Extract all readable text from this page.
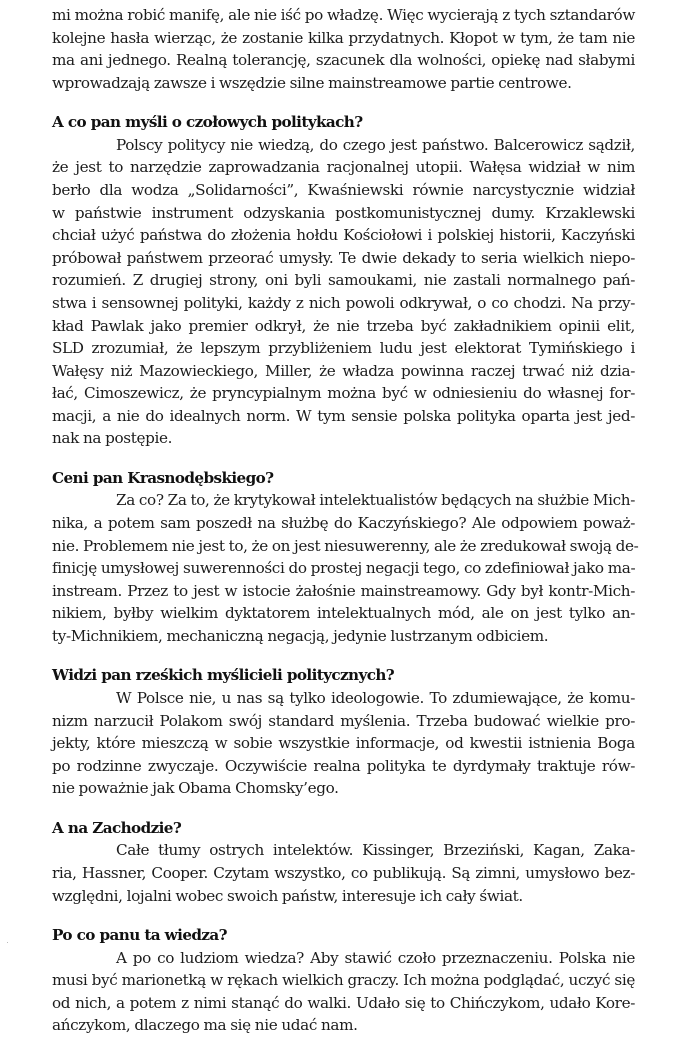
mi można robić manifę, ale nie iść po władzę. Więc wycierają z tych sztandarów
kolejne hasła wierząc, że zostanie kilka przydatnych. Kłopot w tym, że tam nie
ma ani jednego. Realną tolerancję, szacunek dla wolności, opiekę nad słabymi
wprowadzają zawsze i wszędzie silne mainstreamowe partie centrowe.
A co pan myśli o czołowych politykach?
Polscy politycy nie wiedzą, do czego jest państwo. Balcerowicz sądził,
że jest to narzędzie zaprowadzania racjonalnej utopii. Wałęsa widział w nim
berło dla wodza „Solidarności”, Kwaśniewski równie narcystycznie widział
w państwie instrument odzyskania postkomunistycznej dumy. Krzaklewski
chciał użyć państwa do złożenia hołdu Kościołowi i polskiej historii, Kaczyński
próbował państwem przeorać umysły. Te dwie dekady to seria wielkich niepo-
rozumień. Z drugiej strony, oni byli samoukami, nie zastali normalnego pań-
stwa i sensownej polityki, każdy z nich powoli odkrywał, o co chodzi. Na przy-
kład Pawlak jako premier odkrył, że nie trzeba być zakładnikiem opinii elit,
SLD zrozumiał, że lepszym przybliżeniem ludu jest elektorat Tymińskiego i
Wałęsy niż Mazowieckiego, Miller, że władza powinna raczej trwać niż dzia-
łać, Cimoszewicz, że pryncypialnym można być w odniesieniu do własnej for-
macji, a nie do idealnych norm. W tym sensie polska polityka oparta jest jed-
nak na postępie.
Ceni pan Krasnodębskiego?
Za co? Za to, że krytykował intelektualistów będących na służbie Mich-
nika, a potem sam poszedł na służbę do Kaczyńskiego? Ale odpowiem poważ-
nie. Problemem nie jest to, że on jest niesuwerenny, ale że zredukował swoją de-
finicję umysłowej suwerenności do prostej negacji tego, co zdefiniował jako ma-
instream. Przez to jest w istocie żałośnie mainstreamowy. Gdy był kontr-Mich-
nikiem, byłby wielkim dyktatorem intelektualnych mód, ale on jest tylko an-
ty-Michnikiem, mechaniczną negacją, jedynie lustrzanym odbiciem.
Widzi pan rześkich myślicieli politycznych?
W Polsce nie, u nas są tylko ideologowie. To zdumiewające, że komu-
nizm narzucił Polakom swój standard myślenia. Trzeba budować wielkie pro-
jekty, które mieszczą w sobie wszystkie informacje, od kwestii istnienia Boga
po rodzinne zwyczaje. Oczywiście realna polityka te dyrdymały traktuje rów-
nie poważnie jak Obama Chomsky’ego.
A na Zachodzie?
Całe tłumy ostrych intelektów. Kissinger, Brzeziński, Kagan, Zaka-
ria, Hassner, Cooper. Czytam wszystko, co publikują. Są zimni, umysłowo bez-
względni, lojalni wobec swoich państw, interesuje ich cały świat.
Po co panu ta wiedza?
A po co ludziom wiedza? Aby stawić czoło przeznaczeniu. Polska nie
musi być marionetką w rękach wielkich graczy. Ich można podglądać, uczyć się
od nich, a potem z nimi stanąć do walki. Udało się to Chińczykom, udało Kore-
ańczykom, dlaczego ma się nie udać nam.
